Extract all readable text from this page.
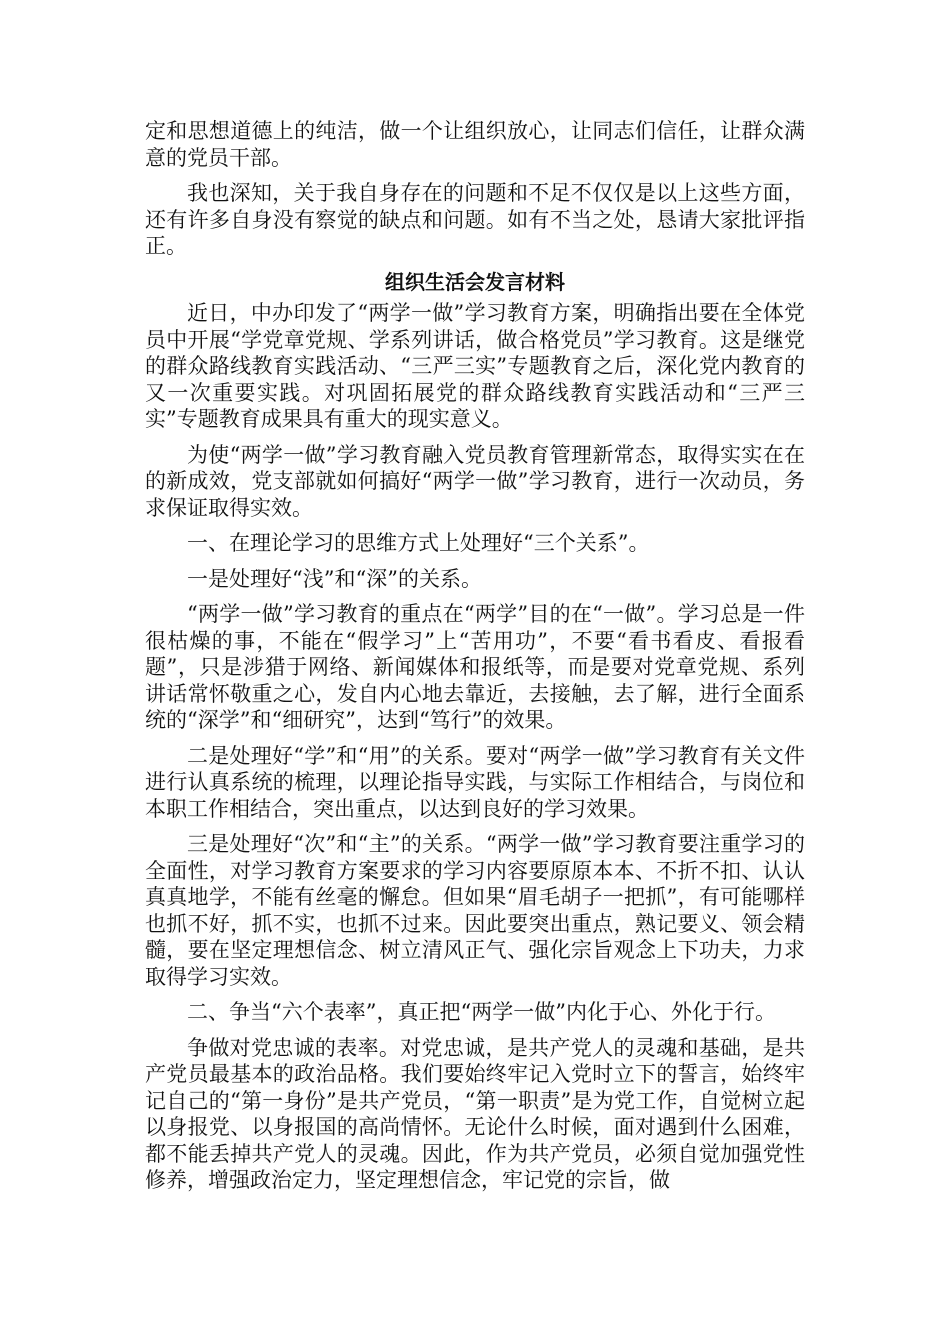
定和思想道德上的纯洁，做一个让组织放心，让同志们信任，让群众满意的党员干部。

我也深知，关于我自身存在的问题和不足不仅仅是以上这些方面，还有许多自身没有察觉的缺点和问题。如有不当之处，恳请大家批评指正。

组织生活会发言材料

近日，中办印发了“两学一做”学习教育方案，明确指出要在全体党员中开展“学党章党规、学系列讲话，做合格党员”学习教育。这是继党的群众路线教育实践活动、“三严三实”专题教育之后，深化党内教育的又一次重要实践。对巩固拓展党的群众路线教育实践活动和“三严三实”专题教育成果具有重大的现实意义。

为使“两学一做”学习教育融入党员教育管理新常态，取得实实在在的新成效，党支部就如何搞好“两学一做”学习教育，进行一次动员，务求保证取得实效。

一、在理论学习的思维方式上处理好“三个关系”。

一是处理好“浅”和“深”的关系。

“两学一做”学习教育的重点在“两学”目的在“一做”。学习总是一件很枯燥的事，不能在“假学习”上“苦用功”，不要“看书看皮、看报看题”，只是涉猎于网络、新闻媒体和报纸等，而是要对党章党规、系列讲话常怀敬重之心，发自内心地去靠近，去接触，去了解，进行全面系统的“深学”和“细研究”，达到“笃行”的效果。

二是处理好“学”和“用”的关系。要对“两学一做”学习教育有关文件进行认真系统的梳理，以理论指导实践，与实际工作相结合，与岗位和本职工作相结合，突出重点，以达到良好的学习效果。

三是处理好“次”和“主”的关系。“两学一做”学习教育要注重学习的全面性，对学习教育方案要求的学习内容要原原本本、不折不扣、认认真真地学，不能有丝毫的懈怠。但如果“眉毛胡子一把抓”，有可能哪样也抓不好，抓不实，也抓不过来。因此要突出重点，熟记要义、领会精髓，要在坚定理想信念、树立清风正气、强化宗旨观念上下功夫，力求取得学习实效。

二、争当“六个表率”，真正把“两学一做”内化于心、外化于行。

争做对党忠诚的表率。对党忠诚，是共产党人的灵魂和基础，是共产党员最基本的政治品格。我们要始终牢记入党时立下的誓言，始终牢记自己的“第一身份”是共产党员，“第一职责”是为党工作，自觉树立起以身报党、以身报国的高尚情怀。无论什么时候，面对遇到什么困难，都不能丢掉共产党人的灵魂。因此，作为共产党员，必须自觉加强党性修养，增强政治定力，坚定理想信念，牢记党的宗旨，做
